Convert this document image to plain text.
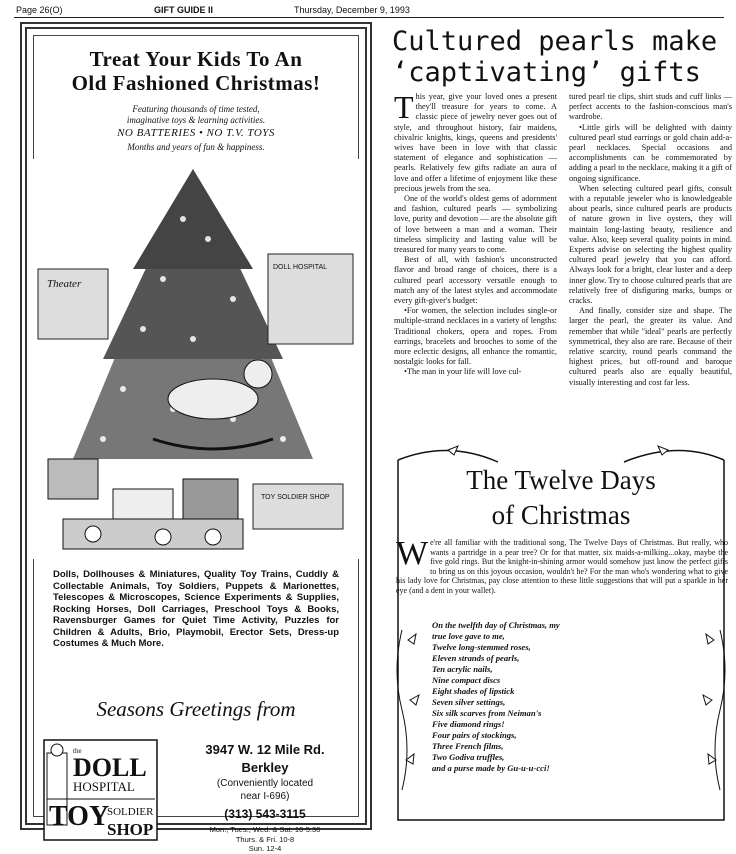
Page 26(O)	GIFT GUIDE II	Thursday, December 9, 1993
Treat Your Kids To An
Old Fashioned Christmas!
Featuring thousands of time tested,
imaginative toys & learning activities.
NO BATTERIES • NO T.V. TOYS
Months and years of fun & happiness.
Theater
DOLL HOSPITAL
TOY SOLDIER SHOP
Dolls, Dollhouses & Miniatures, Quality Toy Trains, Cuddly & Collectable Animals, Toy Soldiers, Puppets & Marionettes, Telescopes & Microscopes, Science Experiments & Supplies, Rocking Horses, Doll Carriages, Preschool Toys & Books, Ravensburger Games for Quiet Time Activity, Puzzles for Children & Adults, Brio, Playmobil, Erector Sets, Dress-up Costumes & Much More.
Seasons Greetings from
the
DOLL
HOSPITAL
TOY
SOLDIER
SHOP
3947 W. 12 Mile Rd.
Berkley
(Conveniently located
near I-696)
(313) 543-3115
Mon., Tues., Wed. & Sat. 10-5:30
Thurs. & Fri. 10-8
Sun. 12-4
Cultured pearls make
‘captivating’ gifts

This year, give your loved ones a present they'll treasure for years to come. A classic piece of jewelry never goes out of style, and throughout history, fair maidens, chivalric knights, kings, queens and presidents' wives have been in love with that classic statement of elegance and sophistication — pearls. Relatively few gifts radiate an aura of love and offer a lifetime of enjoyment like these precious jewels from the sea.

One of the world's oldest gems of adornment and fashion, cultured pearls — symbolizing love, purity and devotion — are the absolute gift of love between a man and a woman. Their timeless simplicity and lasting value will be treasured for many years to come.

Best of all, with fashion's unconstructed flavor and broad range of choices, there is a cultured pearl accessory versatile enough to match any of the latest styles and accommodate every gift-giver's budget:

•For women, the selection includes single-or multiple-strand necklaces in a variety of lengths: Traditional chokers, opera and ropes. From earrings, bracelets and brooches to some of the more eclectic designs, all enhance the romantic, nostalgic looks for fall.

•The man in your life will love cul-

tured pearl tie clips, shirt studs and cuff links — perfect accents to the fashion-conscious man's wardrobe.

•Little girls will be delighted with dainty cultured pearl stud earrings or gold chain add-a-pearl necklaces. Special occasions and accomplishments can be commemorated by adding a pearl to the necklace, making it a gift of ongoing significance.

When selecting cultured pearl gifts, consult with a reputable jeweler who is knowledgeable about pearls, since cultured pearls are products of nature grown in live oysters, they will maintain long-lasting beauty, resilience and value. Also, keep several quality points in mind. Experts advise on selecting the highest quality cultured pearl jewelry that you can afford. Always look for a bright, clear luster and a deep inner glow. Try to choose cultured pearls that are relatively free of disfiguring marks, bumps or cracks.

And finally, consider size and shape. The larger the pearl, the greater its value. And remember that while "ideal" pearls are perfectly symmetrical, they also are rare. Because of their relative scarcity, round pearls command the highest prices, but off-round and baroque cultured pearls also are equally beautiful, visually interesting and cost far less.

The Twelve Days
of Christmas
We're all familiar with the traditional song, The Twelve Days of Christmas. But really, who wants a partridge in a pear tree? Or for that matter, six maids-a-milking...okay, maybe the five gold rings. But the knight-in-shining armor would somehow just know the perfect gifts to bring us on this joyous occasion, wouldn't he? For the man who's wondering what to give his lady love for Christmas, pay close attention to these little suggestions that will put a sparkle in her eye (and a dent in your wallet).
On the twelfth day of Christmas, my
true love gave to me,
Twelve long-stemmed roses,
Eleven strands of pearls,
Ten acrylic nails,
Nine compact discs
Eight shades of lipstick
Seven silver settings,
Six silk scarves from Neiman's
Five diamond rings!
Four pairs of stockings,
Three French films,
Two Godiva truffles,
and a purse made by Gu-u-u-cci!
